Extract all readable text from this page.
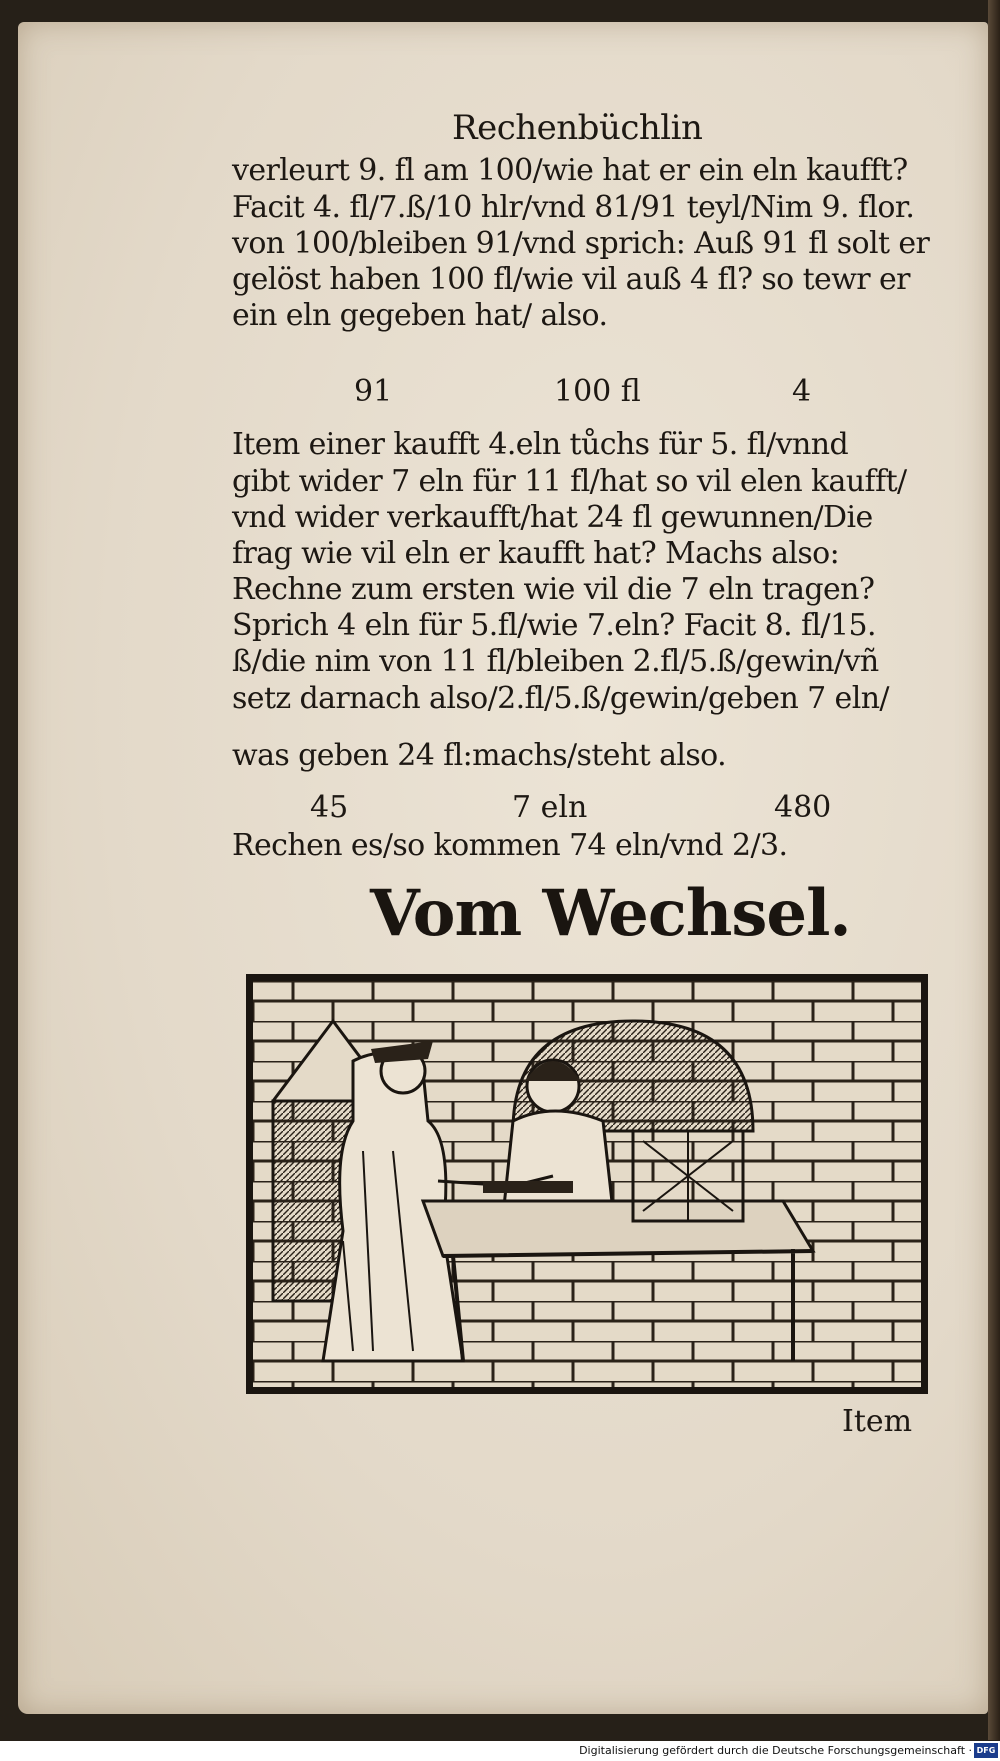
Rechenbüchlin
verleurt 9. fl am 100/wie hat er ein eln kaufft?
Facit 4. fl/7.ß/10 hlr/vnd 81/91 teyl/Nim 9. flor.
von 100/bleiben 91/vnd sprich: Auß 91 fl solt er
gelöst haben 100 fl/wie vil auß 4 fl? so tewr er
ein eln gegeben hat/ also.
91	100 fl	4
Item einer kaufft 4.eln tůchs für 5. fl/vnnd
gibt wider 7 eln für 11 fl/hat so vil elen kaufft/
vnd wider verkaufft/hat 24 fl gewunnen/Die
frag wie vil eln er kaufft hat? Machs also:
Rechne zum ersten wie vil die 7 eln tragen?
Sprich 4 eln für 5.fl/wie 7.eln? Facit 8. fl/15.
ß/die nim von 11 fl/bleiben 2.fl/5.ß/gewin/vñ
setz darnach also/2.fl/5.ß/gewin/geben 7 eln/
was geben 24 fl:machs/steht also.
45	7 eln	480
Rechen es/so kommen 74 eln/vnd 2/3.
Vom Wechsel.
Item
Digitalisierung gefördert durch die Deutsche Forschungsgemeinschaft · DFG
